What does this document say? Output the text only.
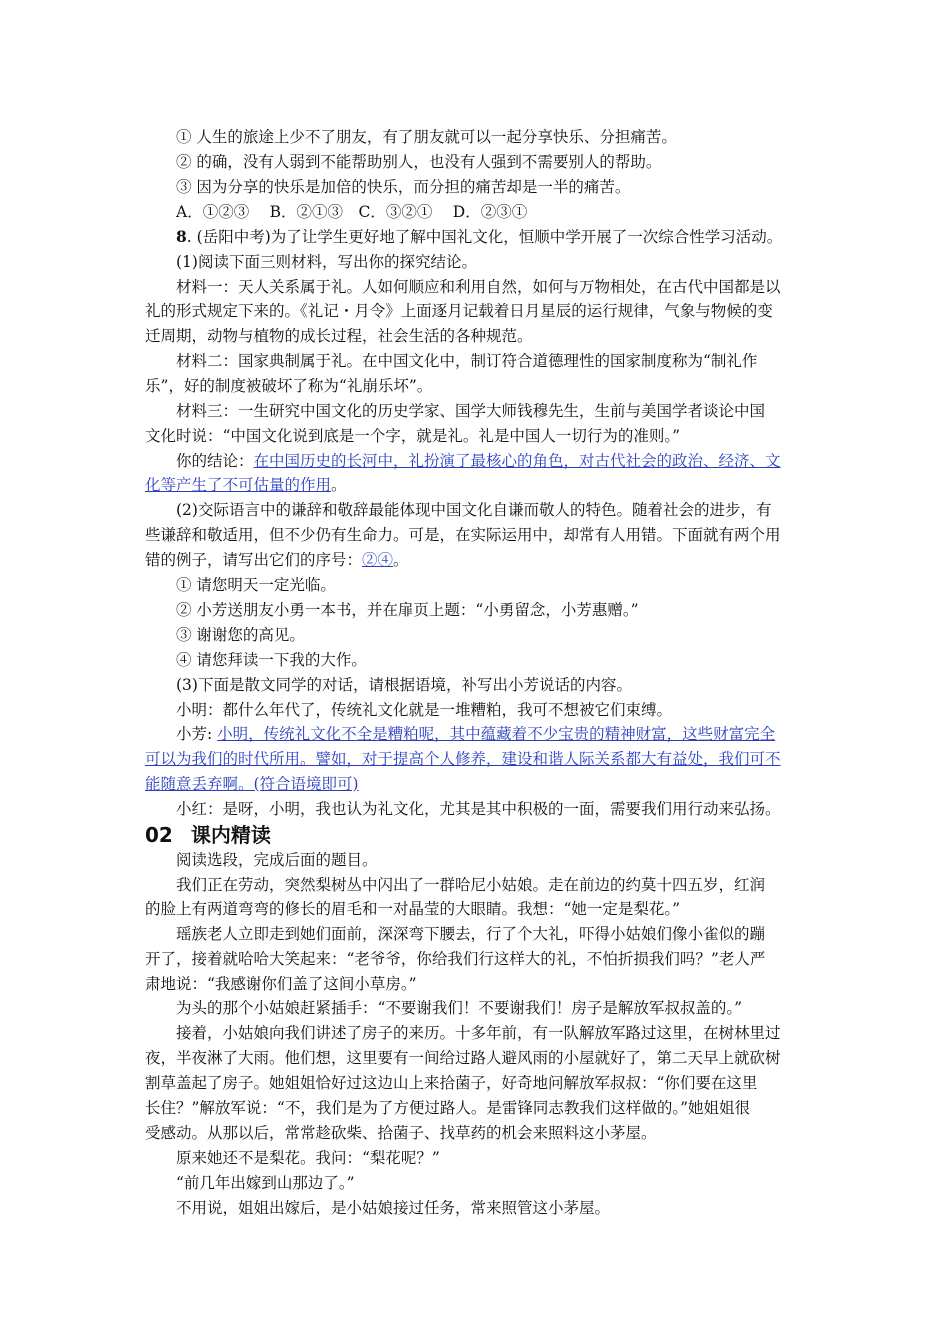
① 人生的旅途上少不了朋友，有了朋友就可以一起分享快乐、分担痛苦。
② 的确，没有人弱到不能帮助别人，也没有人强到不需要别人的帮助。
③ 因为分享的快乐是加倍的快乐，而分担的痛苦却是一半的痛苦。
A．①②③　 B．②①③　C．③②①　 D．②③①
8. (岳阳中考)为了让学生更好地了解中国礼文化，恒顺中学开展了一次综合性学习活动。
(1)阅读下面三则材料，写出你的探究结论。
材料一：天人关系属于礼。人如何顺应和利用自然，如何与万物相处，在古代中国都是以
礼的形式规定下来的。《礼记・月令》上面逐月记载着日月星辰的运行规律，气象与物候的变
迁周期，动物与植物的成长过程，社会生活的各种规范。
材料二：国家典制属于礼。在中国文化中，制订符合道德理性的国家制度称为“制礼作
乐”，好的制度被破坏了称为“礼崩乐坏”。
材料三：一生研究中国文化的历史学家、国学大师钱穆先生，生前与美国学者谈论中国
文化时说：“中国文化说到底是一个字，就是礼。礼是中国人一切行为的准则。”
你的结论：在中国历史的长河中，礼扮演了最核心的角色，对古代社会的政治、经济、文
化等产生了不可估量的作用。
(2)交际语言中的谦辞和敬辞最能体现中国文化自谦而敬人的特色。随着社会的进步，有
些谦辞和敬适用，但不少仍有生命力。可是，在实际运用中，却常有人用错。下面就有两个用
错的例子，请写出它们的序号：②④。
① 请您明天一定光临。
② 小芳送朋友小勇一本书，并在扉页上题：“小勇留念，小芳惠赠。”
③ 谢谢您的高见。
④ 请您拜读一下我的大作。
(3)下面是散文同学的对话，请根据语境，补写出小芳说话的内容。
小明：都什么年代了，传统礼文化就是一堆糟粕，我可不想被它们束缚。
小芳: 小明，传统礼文化不全是糟粕呢，其中蕴藏着不少宝贵的精神财富，这些财富完全
可以为我们的时代所用。譬如，对于提高个人修养，建设和谐人际关系都大有益处，我们可不
能随意丢弃啊。(符合语境即可)
小红：是呀，小明，我也认为礼文化，尤其是其中积极的一面，需要我们用行动来弘扬。
02 课内精读
阅读选段，完成后面的题目。
我们正在劳动，突然梨树丛中闪出了一群哈尼小姑娘。走在前边的约莫十四五岁，红润
的脸上有两道弯弯的修长的眉毛和一对晶莹的大眼睛。我想：“她一定是梨花。”
瑶族老人立即走到她们面前，深深弯下腰去，行了个大礼，吓得小姑娘们像小雀似的蹦
开了，接着就哈哈大笑起来：“老爷爷，你给我们行这样大的礼，不怕折损我们吗？”老人严
肃地说：“我感谢你们盖了这间小草房。”
为头的那个小姑娘赶紧插手：“不要谢我们！不要谢我们！房子是解放军叔叔盖的。”
接着，小姑娘向我们讲述了房子的来历。十多年前，有一队解放军路过这里，在树林里过
夜，半夜淋了大雨。他们想，这里要有一间给过路人避风雨的小屋就好了，第二天早上就砍树
割草盖起了房子。她姐姐恰好过这边山上来拾菌子，好奇地问解放军叔叔：“你们要在这里
长住？”解放军说：“不，我们是为了方便过路人。是雷锋同志教我们这样做的。”她姐姐很
受感动。从那以后，常常趁砍柴、拾菌子、找草药的机会来照料这小茅屋。
原来她还不是梨花。我问：“梨花呢？”
“前几年出嫁到山那边了。”
不用说，姐姐出嫁后，是小姑娘接过任务，常来照管这小茅屋。
